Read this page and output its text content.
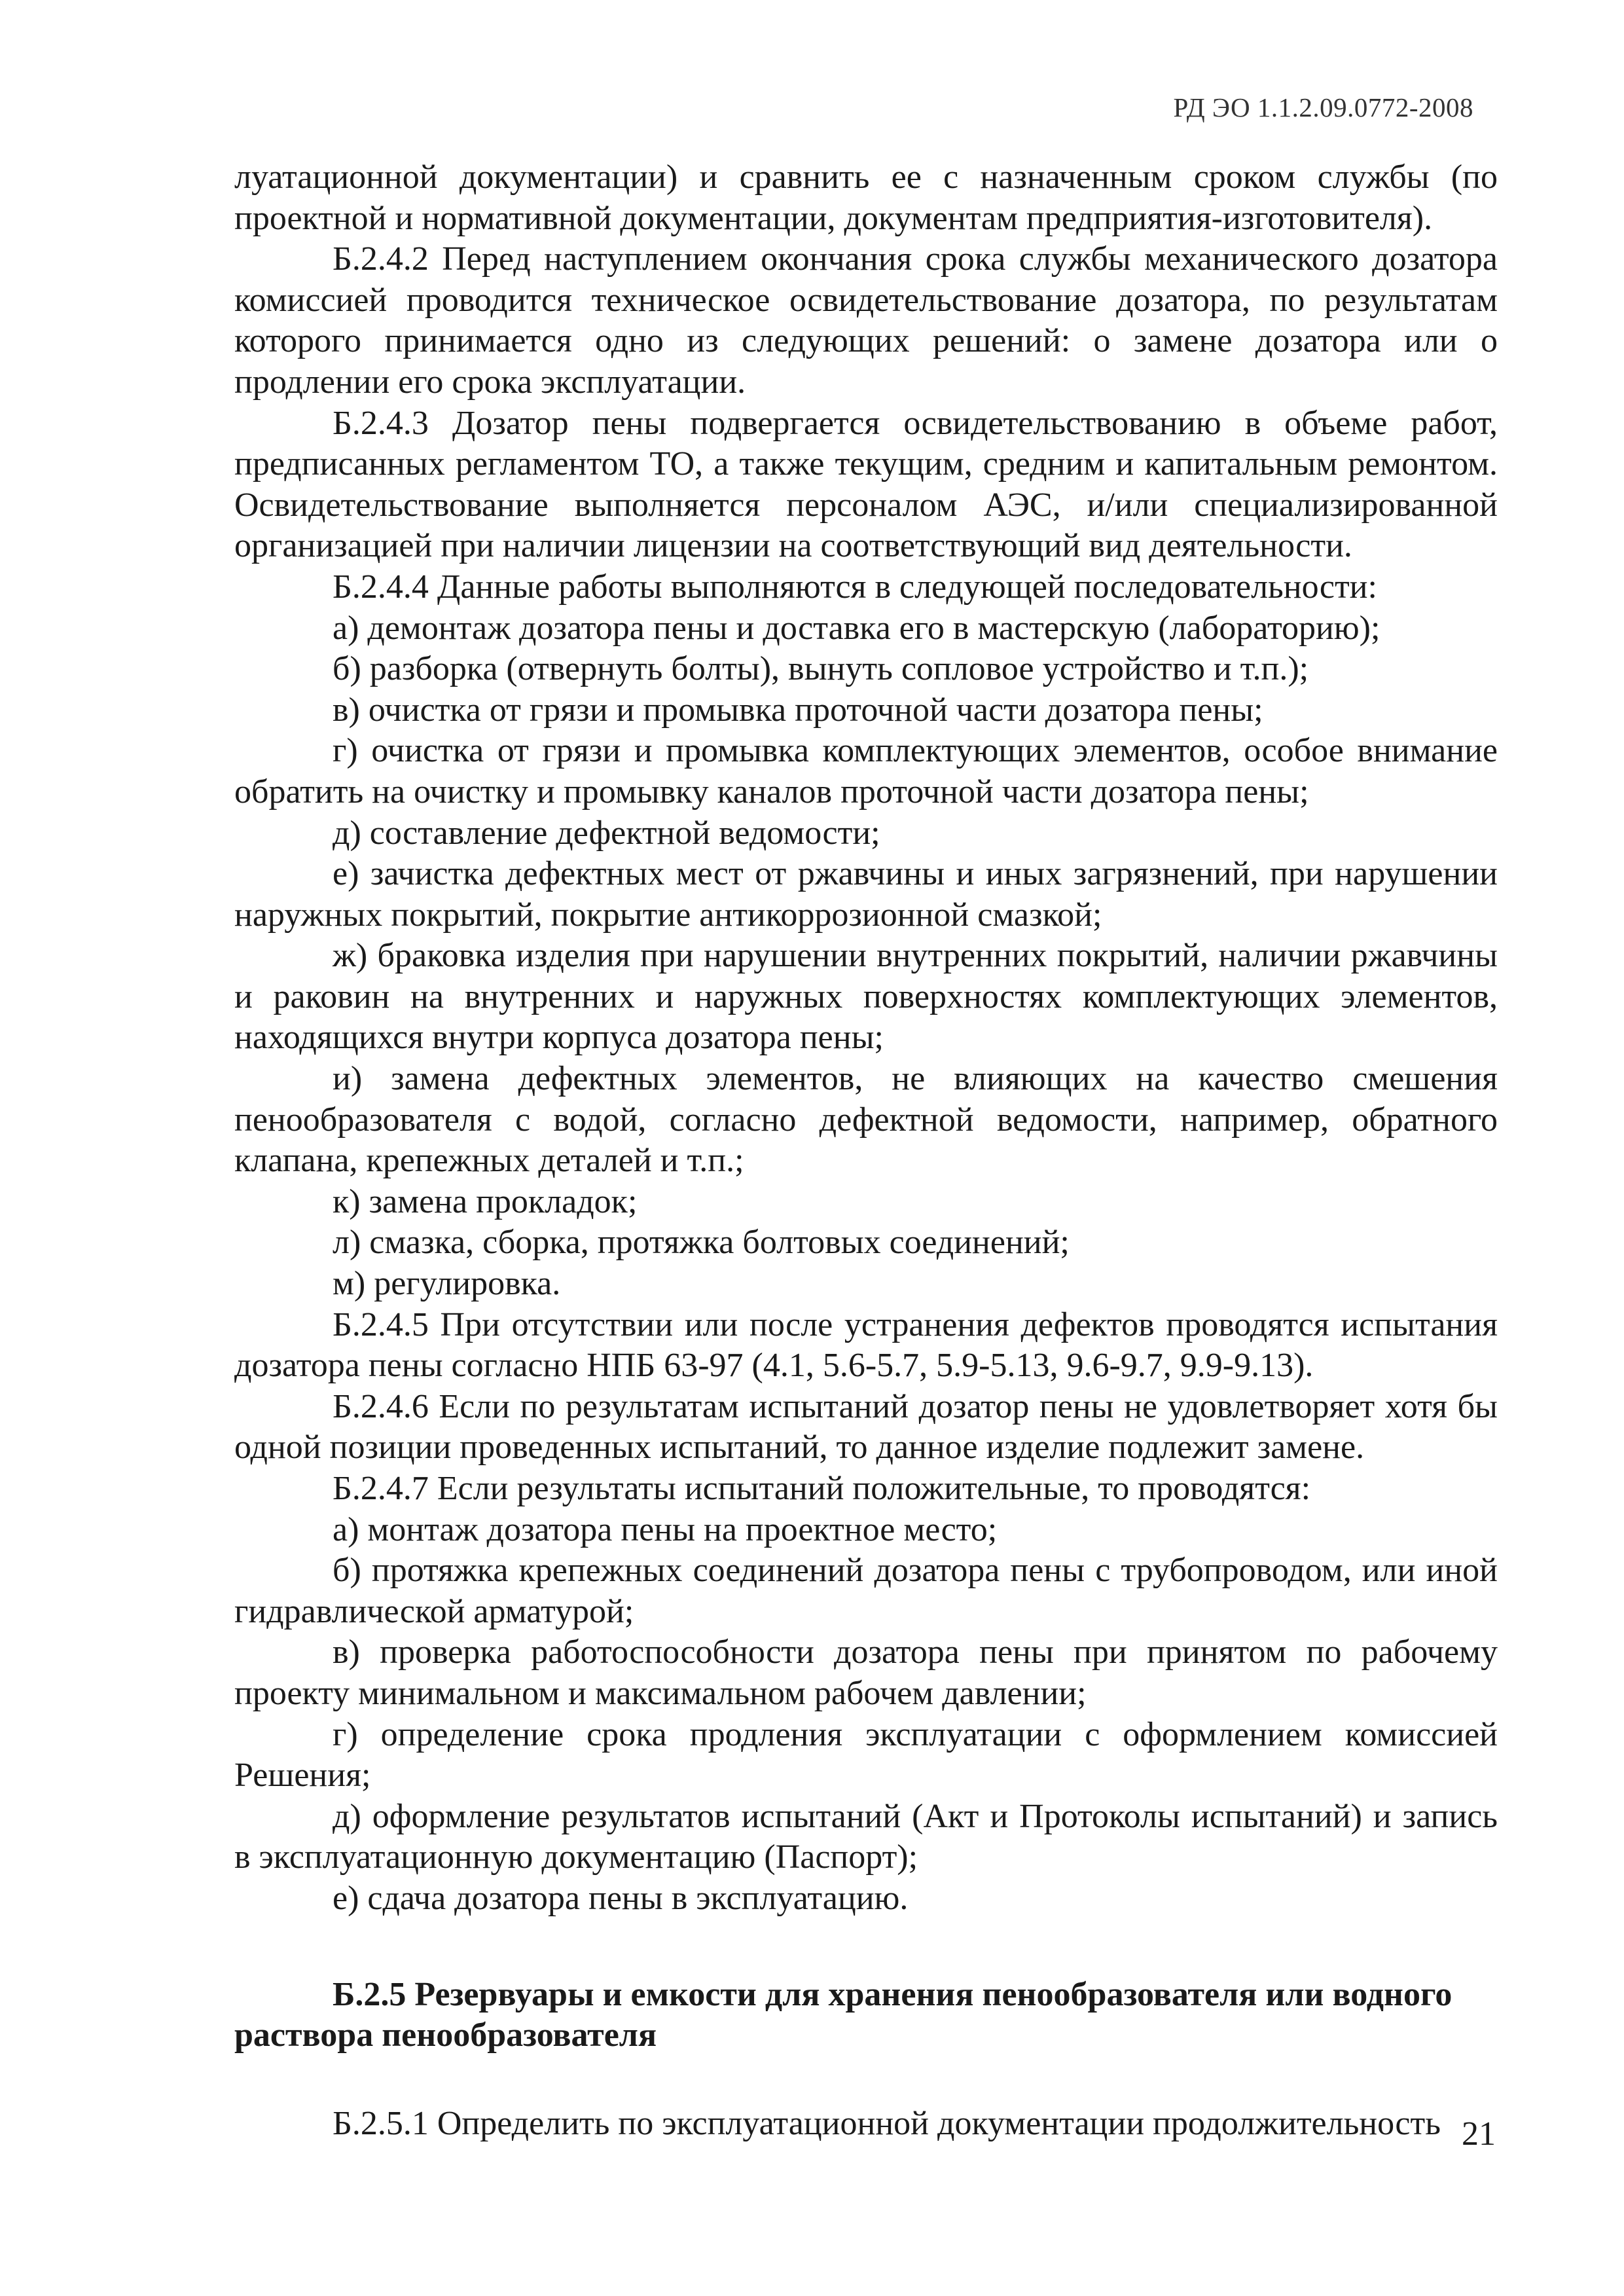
РД ЭО 1.1.2.09.0772-2008

луатационной документации) и сравнить ее с назначенным сроком службы (по проектной и нормативной документации, документам предприятия-изготовителя).

Б.2.4.2 Перед наступлением окончания срока службы механического дозатора комиссией проводится техническое освидетельствование дозатора, по результатам которого принимается одно из следующих решений: о замене дозатора или о продлении его срока эксплуатации.

Б.2.4.3 Дозатор пены подвергается освидетельствованию в объеме работ, предписанных регламентом ТО, а также текущим, средним и капитальным ремонтом. Освидетельствование выполняется персоналом АЭС, и/или специализированной организацией при наличии лицензии на соответствующий вид деятельности.

Б.2.4.4 Данные работы выполняются в следующей последовательности:

а) демонтаж дозатора пены и доставка его в мастерскую (лабораторию);

б) разборка (отвернуть болты), вынуть сопловое устройство и т.п.);

в) очистка от грязи и промывка проточной части дозатора пены;

г) очистка от грязи и промывка комплектующих элементов, особое внимание обратить на очистку и промывку каналов проточной части дозатора пены;

д) составление дефектной ведомости;

е) зачистка дефектных мест от ржавчины и иных загрязнений, при нарушении наружных покрытий, покрытие антикоррозионной смазкой;

ж) браковка изделия при нарушении внутренних покрытий, наличии ржавчины и раковин на внутренних и наружных поверхностях комплектующих элементов, находящихся внутри корпуса дозатора пены;

и) замена дефектных элементов, не влияющих на качество смешения пенообразователя с водой, согласно дефектной ведомости, например, обратного клапана, крепежных деталей и т.п.;

к) замена прокладок;

л) смазка, сборка, протяжка болтовых соединений;

м) регулировка.

Б.2.4.5 При отсутствии или после устранения дефектов проводятся испытания дозатора пены согласно НПБ 63-97 (4.1, 5.6-5.7, 5.9-5.13, 9.6-9.7, 9.9-9.13).

Б.2.4.6 Если по результатам испытаний дозатор пены не удовлетворяет хотя бы одной позиции проведенных испытаний, то данное изделие подлежит замене.

Б.2.4.7 Если результаты испытаний положительные, то проводятся:

а) монтаж дозатора пены на проектное место;

б) протяжка крепежных соединений дозатора пены с трубопроводом, или иной гидравлической арматурой;

в) проверка работоспособности дозатора пены при принятом по рабочему проекту минимальном и максимальном рабочем давлении;

г) определение срока продления эксплуатации с оформлением комиссией Решения;

д) оформление результатов испытаний (Акт и Протоколы испытаний) и запись в эксплуатационную документацию (Паспорт);

е) сдача дозатора пены в эксплуатацию.

Б.2.5 Резервуары и емкости для хранения пенообразователя или водного раствора пенообразователя

Б.2.5.1 Определить по эксплуатационной документации продолжительность 21
